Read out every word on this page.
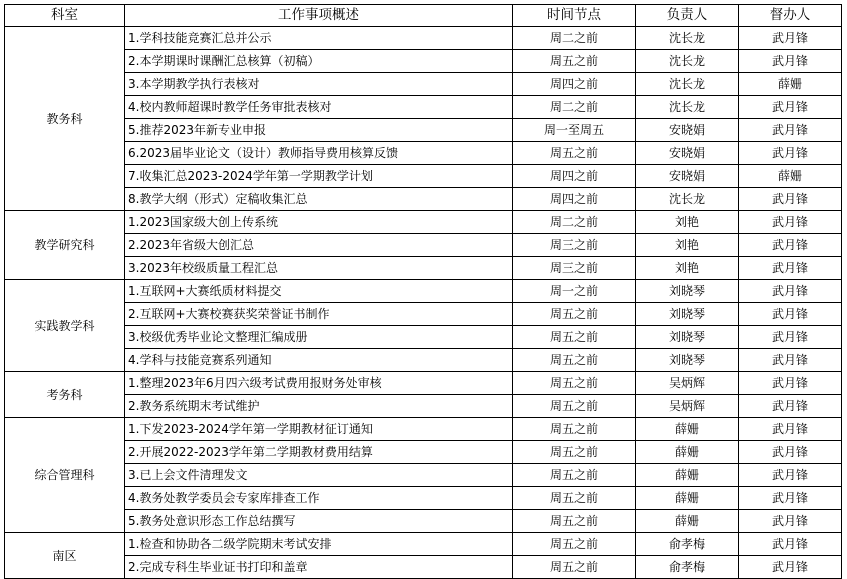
科室	工作事项概述	时间节点	负责人	督办人
教务科	1.学科技能竞赛汇总并公示	周二之前	沈长龙	武月锋
	2.本学期课时课酬汇总核算（初稿）	周五之前	沈长龙	武月锋
	3.本学期教学执行表核对	周四之前	沈长龙	薛姗
	4.校内教师超课时教学任务审批表核对	周二之前	沈长龙	武月锋
	5.推荐2023年新专业申报	周一至周五	安晓娟	武月锋
	6.2023届毕业论文（设计）教师指导费用核算反馈	周五之前	安晓娟	武月锋
	7.收集汇总2023-2024学年第一学期教学计划	周四之前	安晓娟	薛姗
	8.教学大纲（形式）定稿收集汇总	周四之前	沈长龙	武月锋
教学研究科	1.2023国家级大创上传系统	周二之前	刘艳	武月锋
	2.2023年省级大创汇总	周三之前	刘艳	武月锋
	3.2023年校级质量工程汇总	周三之前	刘艳	武月锋
实践教学科	1.互联网+大赛纸质材料提交	周一之前	刘晓琴	武月锋
	2.互联网+大赛校赛获奖荣誉证书制作	周五之前	刘晓琴	武月锋
	3.校级优秀毕业论文整理汇编成册	周五之前	刘晓琴	武月锋
	4.学科与技能竞赛系列通知	周五之前	刘晓琴	武月锋
考务科	1.整理2023年6月四六级考试费用报财务处审核	周五之前	吴炳辉	武月锋
	2.教务系统期末考试维护	周五之前	吴炳辉	武月锋
综合管理科	1.下发2023-2024学年第一学期教材征订通知	周五之前	薛姗	武月锋
	2.开展2022-2023学年第二学期教材费用结算	周五之前	薛姗	武月锋
	3.已上会文件清理发文	周五之前	薛姗	武月锋
	4.教务处教学委员会专家库排查工作	周五之前	薛姗	武月锋
	5.教务处意识形态工作总结撰写	周五之前	薛姗	武月锋
南区	1.检查和协助各二级学院期末考试安排	周五之前	俞孝梅	武月锋
	2.完成专科生毕业证书打印和盖章	周五之前	俞孝梅	武月锋
